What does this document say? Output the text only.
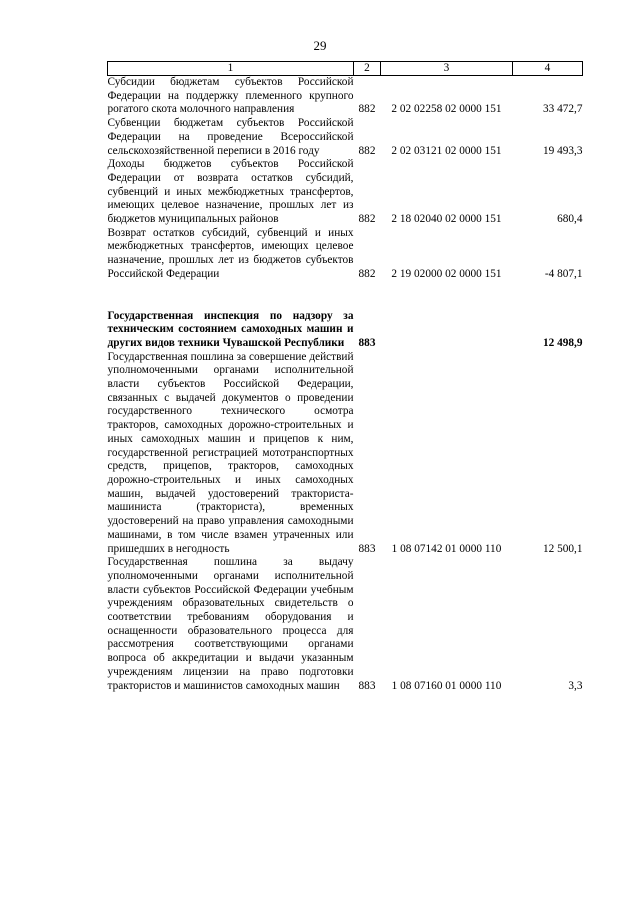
29
1	2	3	4
Субсидии бюджетам субъектов Российской Федерации на поддержку племенного крупного рогатого скота молочного направления	882	2 02 02258 02 0000 151	33 472,7
Субвенции бюджетам субъектов Российской Федерации на проведение Всероссийской сельскохозяйственной переписи в 2016 году	882	2 02 03121 02 0000 151	19 493,3
Доходы бюджетов субъектов Российской Федерации от возврата остатков субсидий, субвенций и иных межбюджетных трансфертов, имеющих целевое назначение, прошлых лет из бюджетов муниципальных районов	882	2 18 02040 02 0000 151	680,4
Возврат остатков субсидий, субвенций и иных межбюджетных трансфертов, имеющих целевое назначение, прошлых лет из бюджетов субъектов Российской Федерации	882	2 19 02000 02 0000 151	-4 807,1

Государственная инспекция по надзору за техническим состоянием самоходных машин и других видов техники Чувашской Республики	883		12 498,9
Государственная пошлина за совершение действий уполномоченными органами исполнительной власти субъектов Российской Федерации, связанных с выдачей документов о проведении государственного технического осмотра тракторов, самоходных дорожно-строительных и иных самоходных машин и прицепов к ним, государственной регистрацией мототранспортных средств, прицепов, тракторов, самоходных дорожно-строительных и иных самоходных машин, выдачей удостоверений тракториста-машиниста (тракториста), временных удостоверений на право управления самоходными машинами, в том числе взамен утраченных или пришедших в негодность	883	1 08 07142 01 0000 110	12 500,1
Государственная пошлина за выдачу уполномоченными органами исполнительной власти субъектов Российской Федерации учебным учреждениям образовательных свидетельств о соответствии требованиям оборудования и оснащенности образовательного процесса для рассмотрения соответствующими органами вопроса об аккредитации и выдачи указанным учреждениям лицензии на право подготовки трактористов и машинистов самоходных машин	883	1 08 07160 01 0000 110	3,3
